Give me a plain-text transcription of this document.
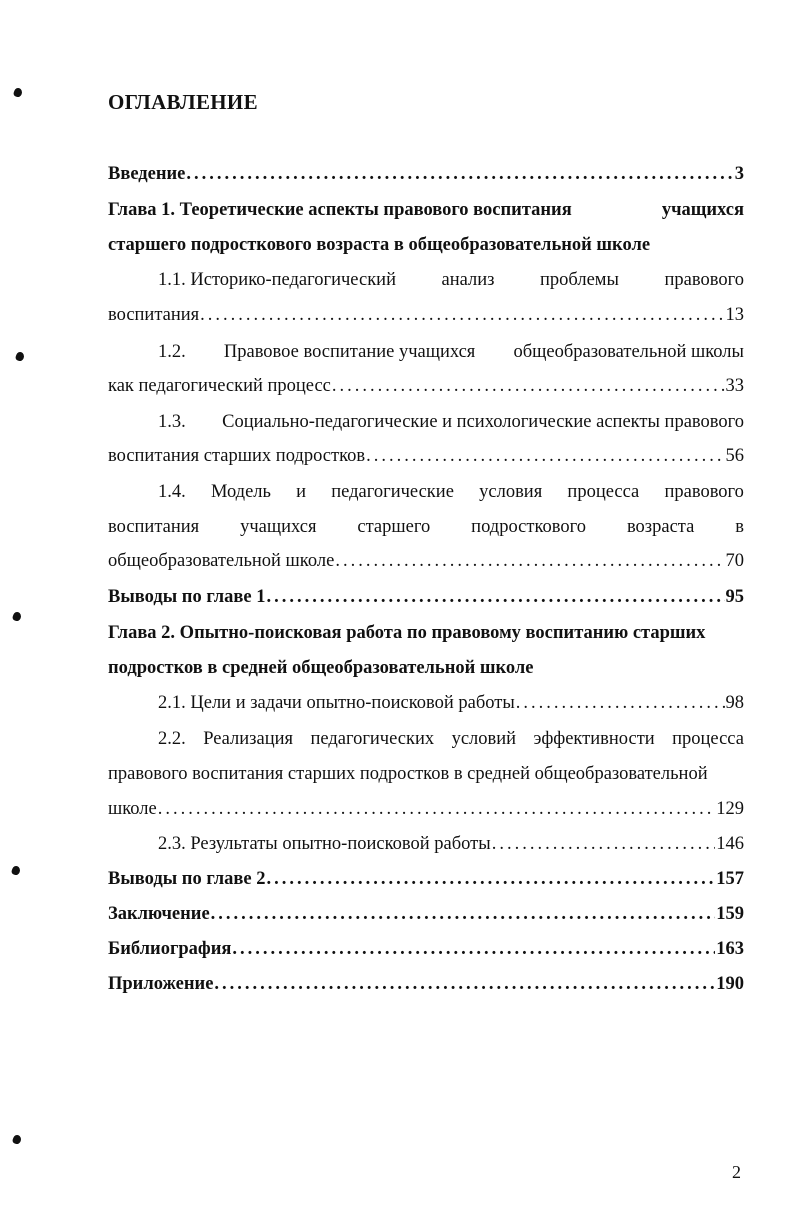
ОГЛАВЛЕНИЕ
Введение .....	3
Глава 1. Теоретические аспекты правового воспитания	учащихся
старшего подросткового возраста в общеобразовательной школе
1.1. Историко-педагогический анализ проблемы правового
воспитания .....	13
1.2. Правовое воспитание учащихся общеобразовательной школы
как педагогический процесс .....	33
1.3. Социально-педагогические и психологические аспекты правового
воспитания старших подростков .....	56
1.4. Модель и педагогические условия процесса правового
воспитания учащихся старшего подросткового возраста в
общеобразовательной школе .....	70
Выводы по главе 1 .....	95
Глава 2. Опытно-поисковая работа по правовому воспитанию старших
подростков в средней общеобразовательной школе
2.1. Цели и задачи опытно-поисковой работы .....	98
2.2. Реализация педагогических условий эффективности процесса
правового воспитания старших подростков в средней общеобразовательной
школе .....	129
2.3. Результаты опытно-поисковой работы .....	146
Выводы по главе 2 .....	157
Заключение .....	159
Библиография .....	163
Приложение .....	190
2
